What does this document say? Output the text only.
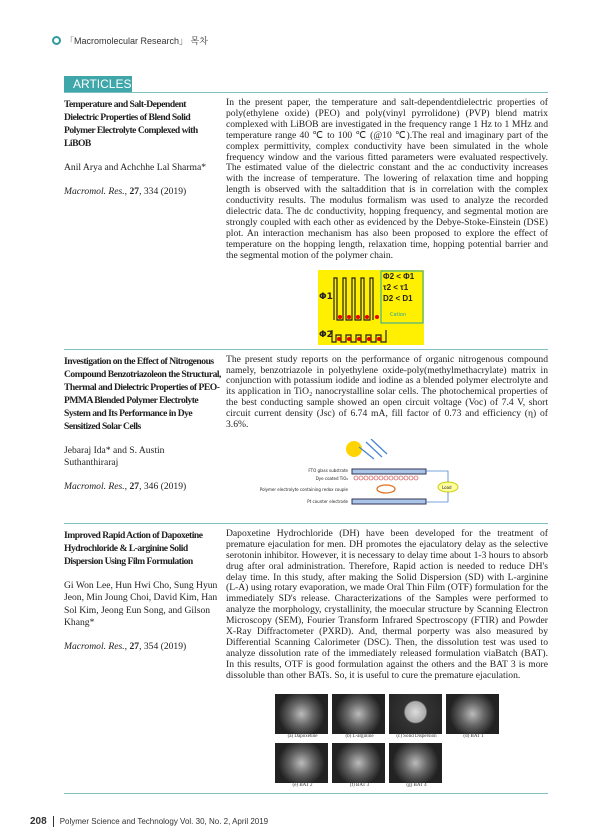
「Macromolecular Research」 목차
ARTICLES
Temperature and Salt-Dependent Dielectric Properties of Blend Solid Polymer Electrolyte Complexed with LiBOB
Anil Arya and Achchhe Lal Sharma*
Macromol. Res., 27, 334 (2019)
In the present paper, the temperature and salt-dependentdielectric properties of poly(ethylene oxide) (PEO) and poly(vinyl pyrrolidone) (PVP) blend matrix complexed with LiBOB are investigated in the frequency range 1 Hz to 1 MHz and temperature range 40 ℃ to 100 ℃ (@10 ℃).The real and imaginary part of the complex permittivity, complex conductivity have been simulated in the whole frequency window and the various fitted parameters were evaluated respectively. The estimated value of the dielectric constant and the ac conductivity increases with the increase of temperature. The lowering of relaxation time and hopping length is observed with the saltaddition that is in correlation with the complex conductivity results. The modulus formalism was used to analyze the recorded dielectric data. The dc conductivity, hopping frequency, and segmental motion are strongly coupled with each other as evidenced by the Debye-Stoke-Einstein (DSE) plot. An interaction mechanism has also been proposed to explore the effect of temperature on the hopping length, relaxation time, hopping potential barrier and the segmental motion of the polymer chain.
Φ1
Φ2
Φ2 < Φ1
τ2 < τ1
D2 < D1
Cation
Investigation on the Effect of Nitrogenous Compound Benzotriazoleon the Structural, Thermal and Dielectric Properties of PEO-PMMA Blended Polymer Electrolyte System and Its Performance in Dye Sensitized Solar Cells
Jebaraj Ida* and S. Austin Suthanthiraraj
Macromol. Res., 27, 346 (2019)
The present study reports on the performance of organic nitrogenous compound namely, benzotriazole in polyethylene oxide-poly(methylmethacrylate) matrix in conjunction with potassium iodide and iodine as a blended polymer electrolyte and its application in TiO₂ nanocrystalline solar cells. The photochemical properties of the best conducting sample showed an open circuit voltage (Voc) of 7.4 V, short circuit current density (Jsc) of 6.74 mA, fill factor of 0.73 and efficiency (η) of 3.6%.
FTO glass substrate
Dye coated TiO₂
Polymer electrolyte containing redox couple
Pt counter electrode
Load
Improved Rapid Action of Dapoxetine Hydrochloride & L-arginine Solid Dispersion Using Film Formulation
Gi Won Lee, Hun Hwi Cho, Sung Hyun Jeon, Min Joung Choi, David Kim, Han Sol Kim, Jeong Eun Song, and Gilson Khang*
Macromol. Res., 27, 354 (2019)
Dapoxetine Hydrochloride (DH) have been developed for the treatment of premature ejaculation for men. DH promotes the ejaculatory delay as the selective serotonin inhibitor. However, it is necessary to delay time about 1-3 hours to absorb drug after oral administration. Therefore, Rapid action is needed to reduce DH's delay time. In this study, after making the Solid Dispersion (SD) with L-arginine (L-A) using rotary evaporation, we made Oral Thin Film (OTF) formulation for the immediately SD's release. Characterizations of the Samples were performed to analyze the morphology, crystallinity, the moecular structure by Scanning Electron Microscopy (SEM), Fourier Transform Infrared Spectroscopy (FTIR) and Powder X-Ray Diffractometer (PXRD). And, thermal porperty was also measured by Differential Scanning Calorimeter (DSC). Then, the dissolution test was used to analyze dissolution rate of the immediately released formulation viaBatch (BAT). In this results, OTF is good formulation against the others and the BAT 3 is more dissoluble than other BATs. So, it is useful to cure the premature ejaculation.
(a) Dapoxetine	(b) L-arginine	(c) Solid Dispersion	(d) BAT 1
(e) BAT 2	(f) BAT 3	(g) BAT 4
208	Polymer Science and Technology Vol. 30, No. 2, April 2019
